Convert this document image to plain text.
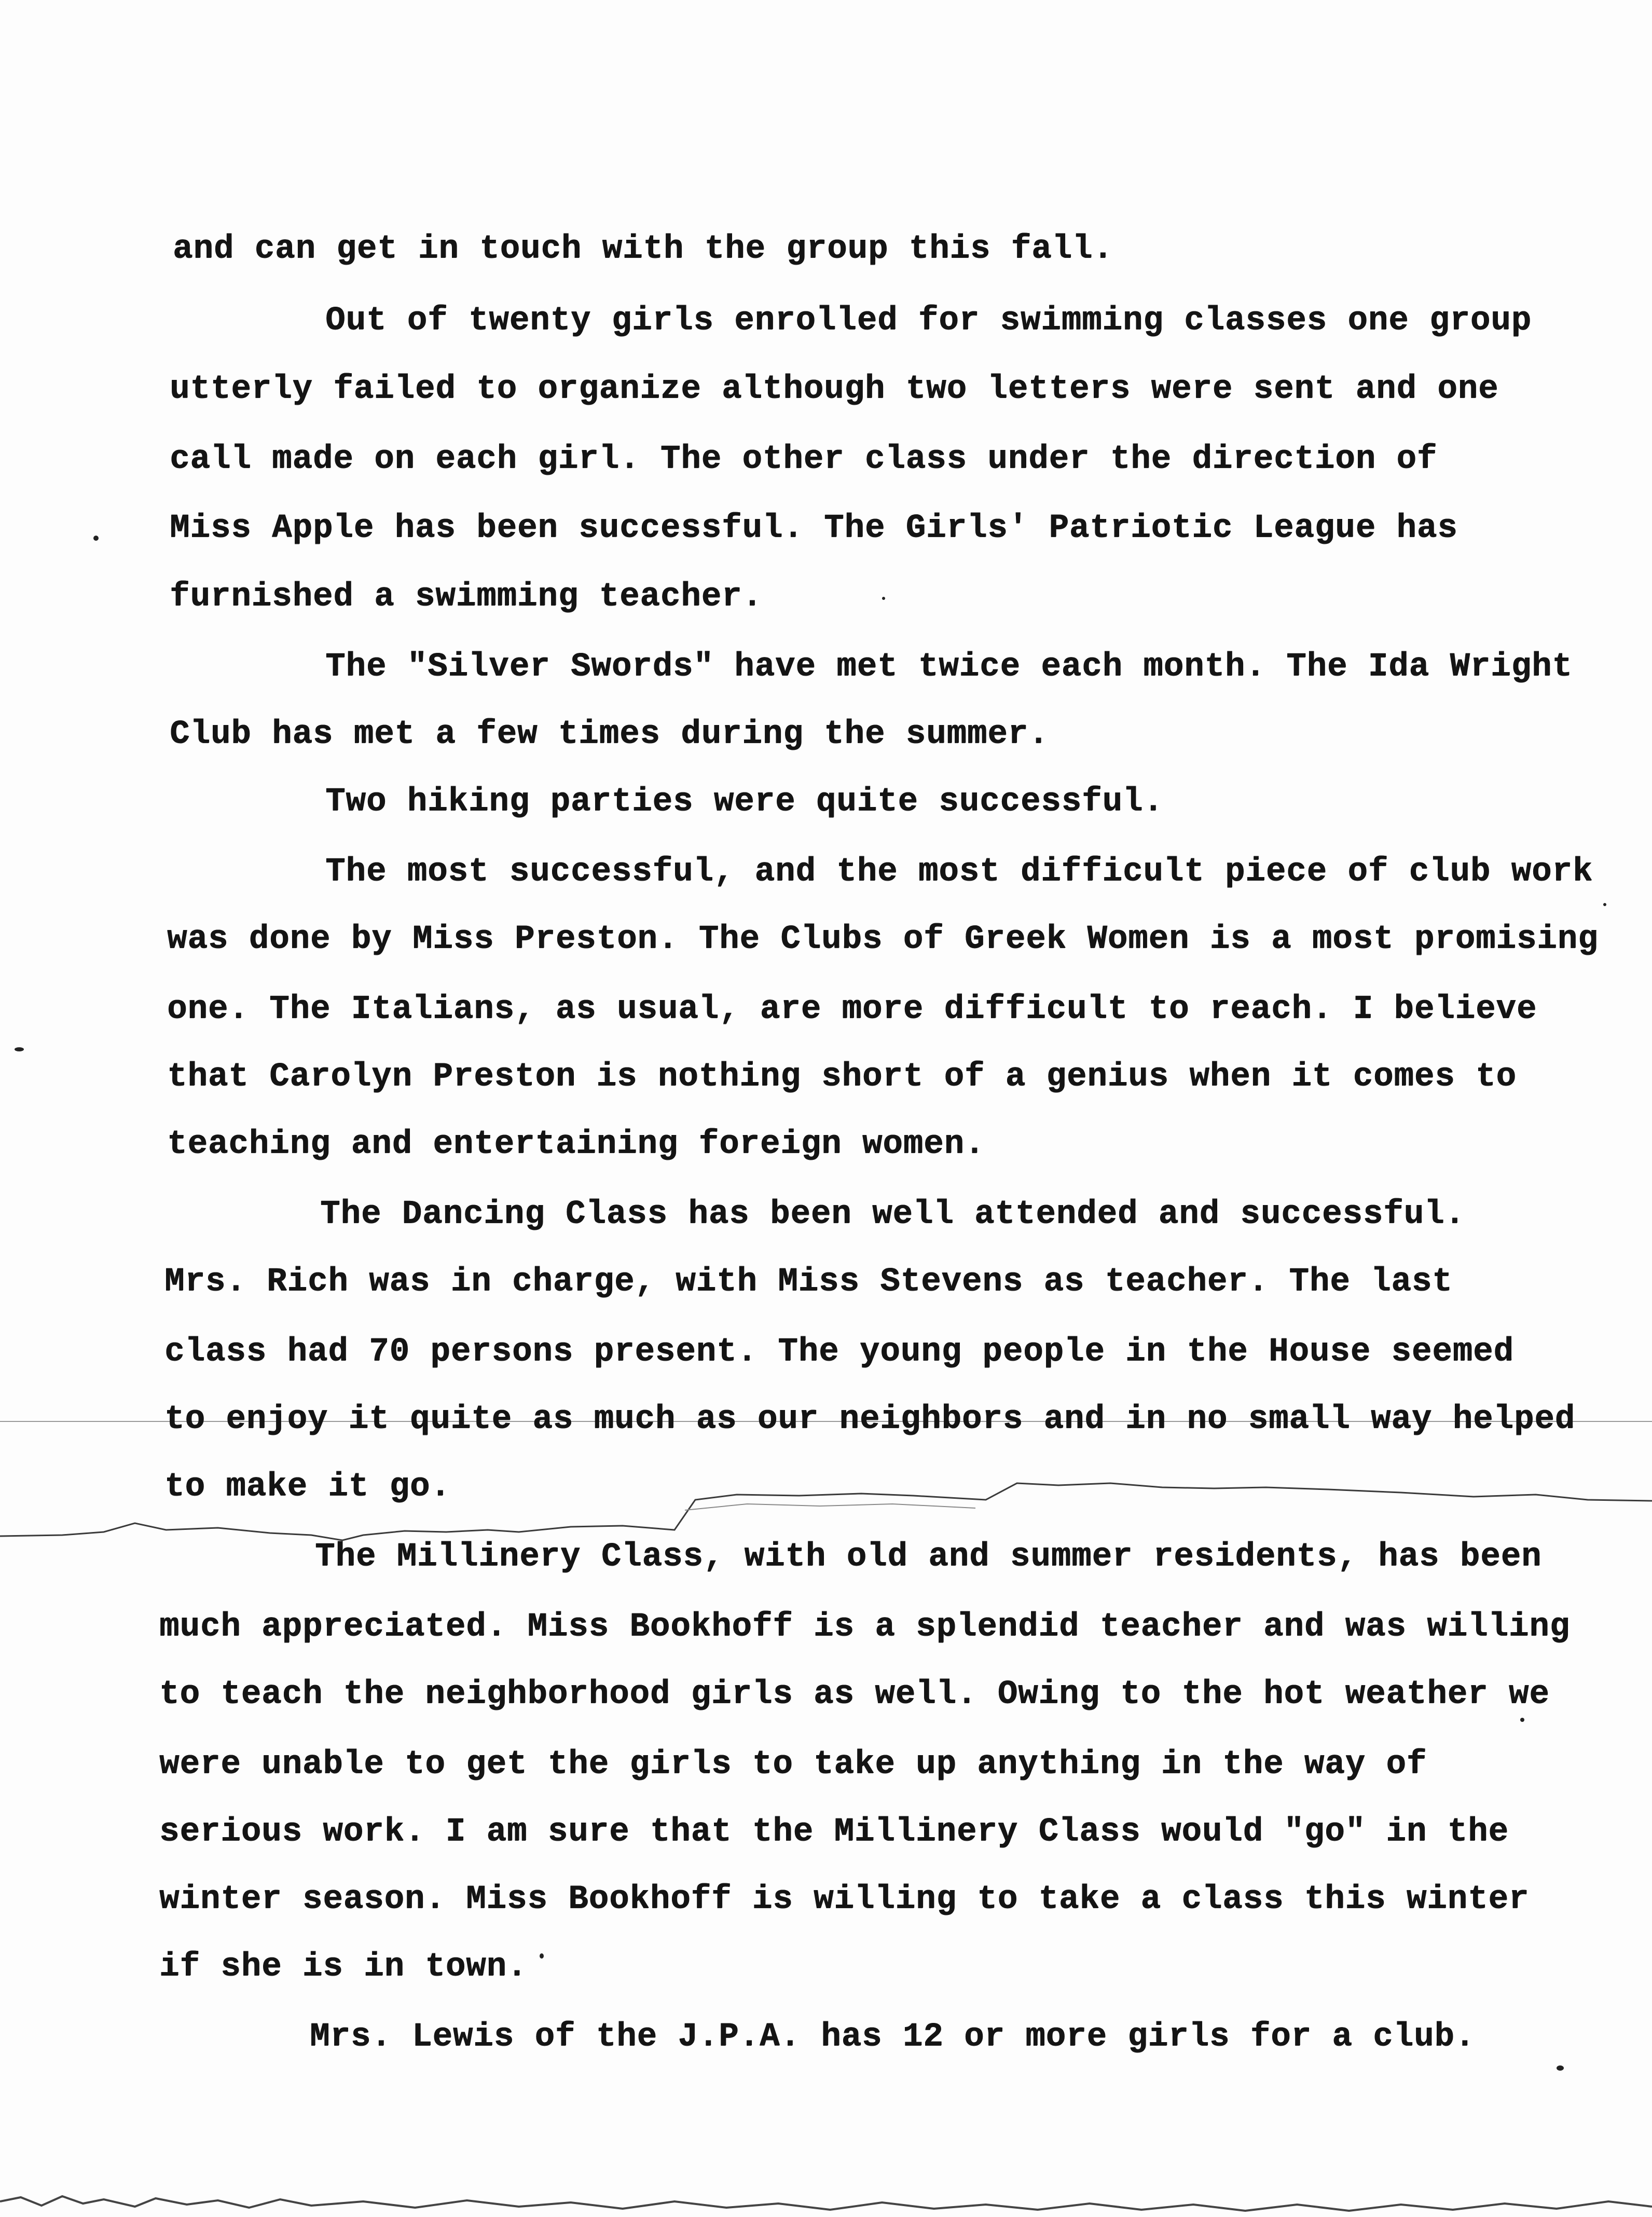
and can get in touch with the group this fall.
Out of twenty girls enrolled for swimming classes one group
utterly failed to organize although two letters were sent and one
call made on each girl. The other class under the direction of
Miss Apple has been successful. The Girls' Patriotic League has
furnished a swimming teacher.
The "Silver Swords" have met twice each month. The Ida Wright
Club has met a few times during the summer.
Two hiking parties were quite successful.
The most successful, and the most difficult piece of club work
was done by Miss Preston. The Clubs of Greek Women is a most promising
one. The Italians, as usual, are more difficult to reach. I believe
that Carolyn Preston is nothing short of a genius when it comes to
teaching and entertaining foreign women.
The Dancing Class has been well attended and successful.
Mrs. Rich was in charge, with Miss Stevens as teacher. The last
class had 70 persons present. The young people in the House seemed
to enjoy it quite as much as our neighbors and in no small way helped
to make it go.
The Millinery Class, with old and summer residents, has been
much appreciated. Miss Bookhoff is a splendid teacher and was willing
to teach the neighborhood girls as well. Owing to the hot weather we
were unable to get the girls to take up anything in the way of
serious work. I am sure that the Millinery Class would "go" in the
winter season. Miss Bookhoff is willing to take a class this winter
if she is in town.
Mrs. Lewis of the J.P.A. has 12 or more girls for a club.
